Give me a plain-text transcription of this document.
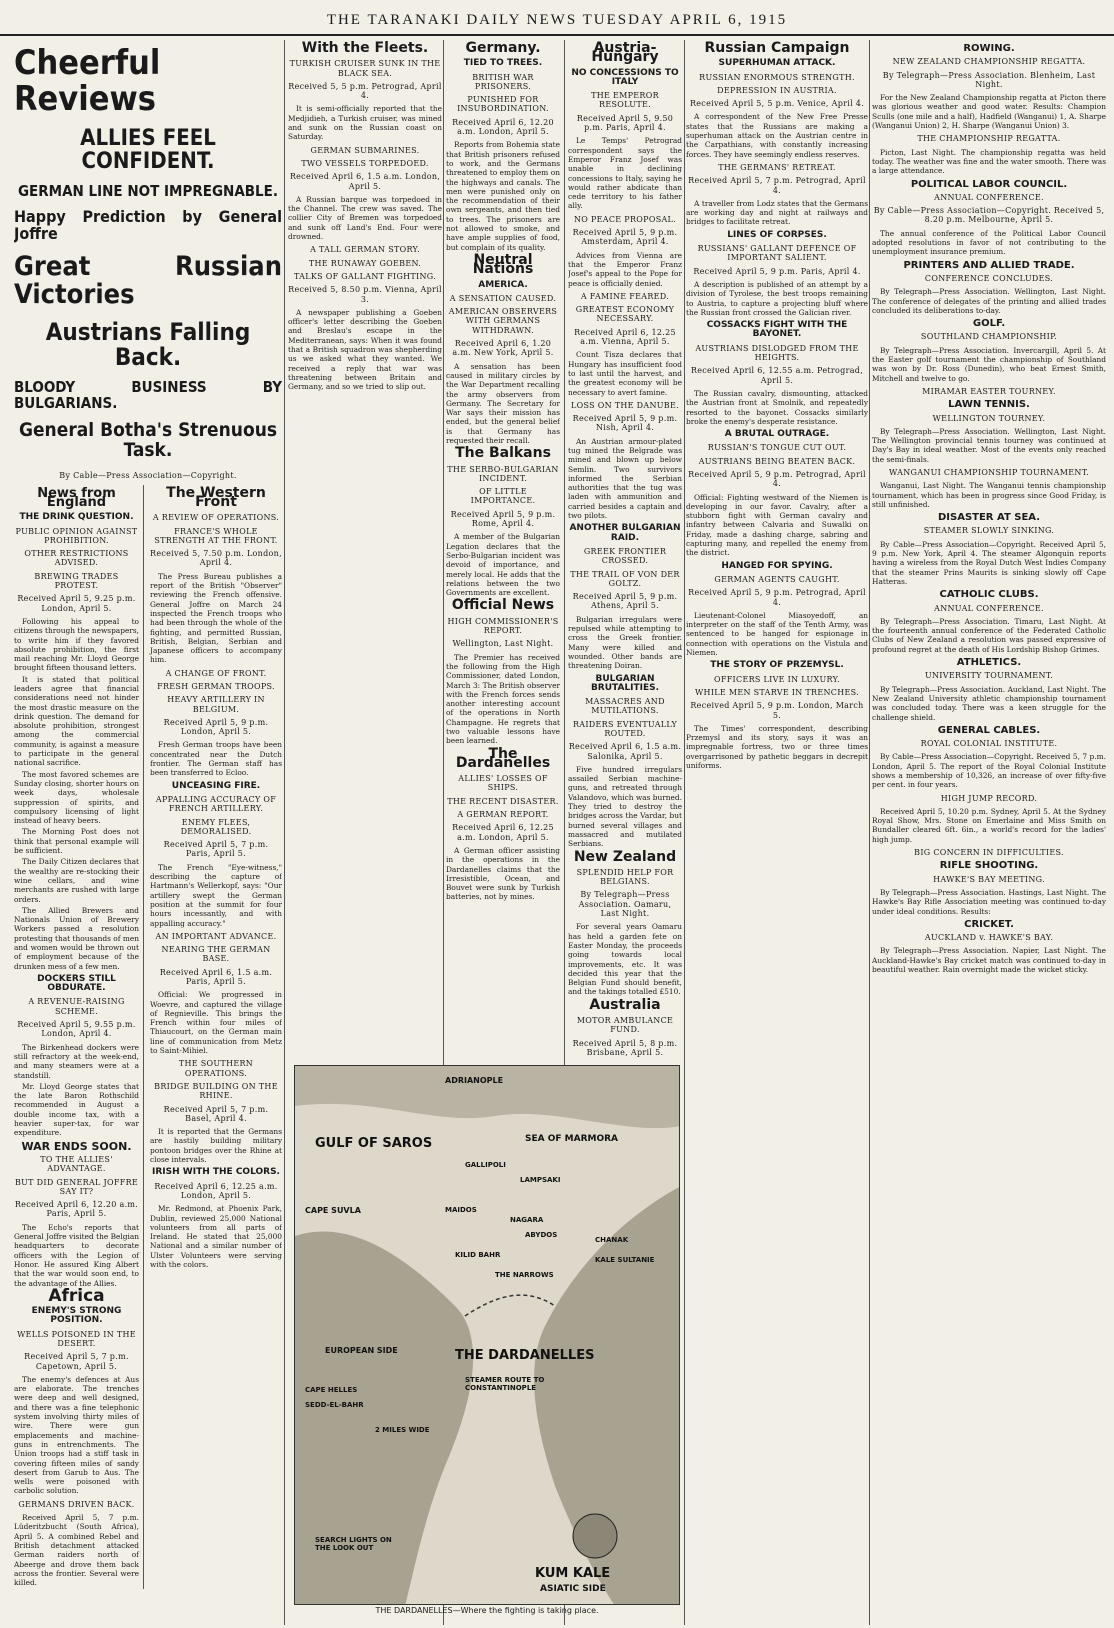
THE TARANAKI DAILY NEWS TUESDAY APRIL 6, 1915
Cheerful Reviews
ALLIES FEEL CONFIDENT.
GERMAN LINE NOT IMPREGNABLE.
Happy Prediction by General Joffre
Great Russian Victories
Austrians Falling Back.
BLOODY BUSINESS BY BULGARIANS.
General Botha's Strenuous Task.
By Cable—Press Association—Copyright.
News from England
THE DRINK QUESTION.
PUBLIC OPINION AGAINST PROHIBITION.
OTHER RESTRICTIONS ADVISED.
BREWING TRADES PROTEST.
Received April 5, 9.25 p.m. London, April 5.

Following his appeal to citizens through the newspapers, to write him if they favored absolute prohibition, the first mail reaching Mr. Lloyd George brought fifteen thousand letters.

It is stated that political leaders agree that financial considerations need not hinder the most drastic measure on the drink question. The demand for absolute prohibition, strongest among the commercial community, is against a measure to participate in the general national sacrifice.

The most favored schemes are Sunday closing, shorter hours on week days, wholesale suppression of spirits, and compulsory licensing of light instead of heavy beers.

The Morning Post does not think that personal example will be sufficient.

The Daily Citizen declares that the wealthy are re-stocking their wine cellars, and wine merchants are rushed with large orders.

The Allied Brewers and Nationals Union of Brewery Workers passed a resolution protesting that thousands of men and women would be thrown out of employment because of the drunken mess of a few men.

DOCKERS STILL OBDURATE.
A REVENUE-RAISING SCHEME.
Received April 5, 9.55 p.m. London, April 4.

The Birkenhead dockers were still refractory at the week-end, and many steamers were at a standstill.

Mr. Lloyd George states that the late Baron Rothschild recommended in August a double income tax, with a heavier super-tax, for war expenditure.

WAR ENDS SOON.
TO THE ALLIES' ADVANTAGE.
BUT DID GENERAL JOFFRE SAY IT?
Received April 6, 12.20 a.m. Paris, April 5.

The Echo's reports that General Joffre visited the Belgian headquarters to decorate officers with the Legion of Honor. He assured King Albert that the war would soon end, to the advantage of the Allies.

Africa
ENEMY'S STRONG POSITION.
WELLS POISONED IN THE DESERT.
Received April 5, 7 p.m. Capetown, April 5.

The enemy's defences at Aus are elaborate. The trenches were deep and well designed, and there was a fine telephonic system involving thirty miles of wire. There were gun emplacements and machine-guns in entrenchments. The Union troops had a stiff task in covering fifteen miles of sandy desert from Garub to Aus. The wells were poisoned with carbolic solution.

GERMANS DRIVEN BACK.

Received April 5, 7 p.m. Lüderitzbucht (South Africa), April 5. A combined Rebel and British detachment attacked German raiders north of Abeerge and drove them back across the frontier. Several were killed.

The Western Front
A REVIEW OF OPERATIONS.
FRANCE'S WHOLE STRENGTH AT THE FRONT.
Received 5, 7.50 p.m. London, April 4.

The Press Bureau publishes a report of the British "Observer" reviewing the French offensive. General Joffre on March 24 inspected the French troops who had been through the whole of the fighting, and permitted Russian, British, Belgian, Serbian and Japanese officers to accompany him.

A CHANGE OF FRONT.
FRESH GERMAN TROOPS.
HEAVY ARTILLERY IN BELGIUM.
Received April 5, 9 p.m. London, April 5.

Fresh German troops have been concentrated near the Dutch frontier. The German staff has been transferred to Ecloo.

UNCEASING FIRE.
APPALLING ACCURACY OF FRENCH ARTILLERY.
ENEMY FLEES, DEMORALISED.
Received April 5, 7 p.m. Paris, April 5.

The French "Eye-witness," describing the capture of Hartmann's Wellerkopf, says: "Our artillery swept the German position at the summit for four hours incessantly, and with appalling accuracy."

AN IMPORTANT ADVANCE.
NEARING THE GERMAN BASE.
Received April 6, 1.5 a.m. Paris, April 5.

Official: We progressed in Woevre, and captured the village of Regnieville. This brings the French within four miles of Thiaucourt, on the German main line of communication from Metz to Saint-Mihiel.

THE SOUTHERN OPERATIONS.
BRIDGE BUILDING ON THE RHINE.
Received April 5, 7 p.m. Basel, April 4.

It is reported that the Germans are hastily building military pontoon bridges over the Rhine at close intervals.

IRISH WITH THE COLORS.
Received April 6, 12.25 a.m. London, April 5.

Mr. Redmond, at Phoenix Park, Dublin, reviewed 25,000 National volunteers from all parts of Ireland. He stated that 25,000 National and a similar number of Ulster Volunteers were serving with the colors.

With the Fleets.
TURKISH CRUISER SUNK IN THE BLACK SEA.
Received 5, 5 p.m. Petrograd, April 4.

It is semi-officially reported that the Medjidieh, a Turkish cruiser, was mined and sunk on the Russian coast on Saturday.

GERMAN SUBMARINES.
TWO VESSELS TORPEDOED.
Received April 6, 1.5 a.m. London, April 5.

A Russian barque was torpedoed in the Channel. The crew was saved. The collier City of Bremen was torpedoed and sunk off Land's End. Four were drowned.

A TALL GERMAN STORY.
THE RUNAWAY GOEBEN.
TALKS OF GALLANT FIGHTING.
Received 5, 8.50 p.m. Vienna, April 3.

A newspaper publishing a Goeben officer's letter describing the Goeben and Breslau's escape in the Mediterranean, says: When it was found that a British squadron was shepherding us we asked what they wanted. We received a reply that war was threatening between Britain and Germany, and so we tried to slip out.

Germany.
TIED TO TREES.
BRITISH WAR PRISONERS.
PUNISHED FOR INSUBORDINATION.
Received April 6, 12.20 a.m. London, April 5.

Reports from Bohemia state that British prisoners refused to work, and the Germans threatened to employ them on the highways and canals. The men were punished only on the recommendation of their own sergeants, and then tied to trees. The prisoners are not allowed to smoke, and have ample supplies of food, but complain of its quality.

Neutral Nations
AMERICA.
A SENSATION CAUSED.
AMERICAN OBSERVERS WITH GERMANS WITHDRAWN.
Received April 6, 1.20 a.m. New York, April 5.

A sensation has been caused in military circles by the War Department recalling the army observers from Germany. The Secretary for War says their mission has ended, but the general belief is that Germany has requested their recall.

The Balkans
THE SERBO-BULGARIAN INCIDENT.
OF LITTLE IMPORTANCE.
Received April 5, 9 p.m. Rome, April 4.

A member of the Bulgarian Legation declares that the Serbo-Bulgarian incident was devoid of importance, and merely local. He adds that the relations between the two Governments are excellent.

Official News
HIGH COMMISSIONER'S REPORT.
Wellington, Last Night.

The Premier has received the following from the High Commissioner, dated London, March 3: The British observer with the French forces sends another interesting account of the operations in North Champagne. He regrets that two valuable lessons have been learned.

The Dardanelles
ALLIES' LOSSES OF SHIPS.
THE RECENT DISASTER.
A GERMAN REPORT.
Received April 6, 12.25 a.m. London, April 5.

A German officer assisting in the operations in the Dardanelles claims that the Irresistible, Ocean, and Bouvet were sunk by Turkish batteries, not by mines.

Austria-Hungary
NO CONCESSIONS TO ITALY
THE EMPEROR RESOLUTE.
Received April 5, 9.50 p.m. Paris, April 4.

Le Temps' Petrograd correspondent says the Emperor Franz Josef was unable in declining concessions to Italy, saying he would rather abdicate than cede territory to his father ally.

NO PEACE PROPOSAL.
Received April 5, 9 p.m. Amsterdam, April 4.

Advices from Vienna are that the Emperor Franz Josef's appeal to the Pope for peace is officially denied.

A FAMINE FEARED.
GREATEST ECONOMY NECESSARY.
Received April 6, 12.25 a.m. Vienna, April 5.

Count Tisza declares that Hungary has insufficient food to last until the harvest, and the greatest economy will be necessary to avert famine.

LOSS ON THE DANUBE.
Received April 5, 9 p.m. Nish, April 4.

An Austrian armour-plated tug mined the Belgrade was mined and blown up below Semlin. Two survivors informed the Serbian authorities that the tug was laden with ammunition and carried besides a captain and two pilots.

ANOTHER BULGARIAN RAID.
GREEK FRONTIER CROSSED.
THE TRAIL OF VON DER GOLTZ.
Received April 5, 9 p.m. Athens, April 5.

Bulgarian irregulars were repulsed while attempting to cross the Greek frontier. Many were killed and wounded. Other bands are threatening Doiran.

BULGARIAN BRUTALITIES.
MASSACRES AND MUTILATIONS.
RAIDERS EVENTUALLY ROUTED.
Received April 6, 1.5 a.m. Salonika, April 5.

Five hundred irregulars assailed Serbian machine-guns, and retreated through Valandovo, which was burned. They tried to destroy the bridges across the Vardar, but burned several villages and massacred and mutilated Serbians.

New Zealand
SPLENDID HELP FOR BELGIANS.
By Telegraph—Press Association. Oamaru, Last Night.

For several years Oamaru has held a garden fete on Easter Monday, the proceeds going towards local improvements, etc. It was decided this year that the Belgian Fund should benefit, and the takings totalled £510.

Australia
MOTOR AMBULANCE FUND.
Received April 5, 8 p.m. Brisbane, April 5.

Russian Campaign
SUPERHUMAN ATTACK.
RUSSIAN ENORMOUS STRENGTH.
DEPRESSION IN AUSTRIA.
Received April 5, 5 p.m. Venice, April 4.

A correspondent of the New Free Presse states that the Russians are making a superhuman attack on the Austrian centre in the Carpathians, with constantly increasing forces. They have seemingly endless reserves.

THE GERMANS' RETREAT.
Received April 5, 7 p.m. Petrograd, April 4.

A traveller from Lodz states that the Germans are working day and night at railways and bridges to facilitate retreat.

LINES OF CORPSES.
RUSSIANS' GALLANT DEFENCE OF IMPORTANT SALIENT.
Received April 5, 9 p.m. Paris, April 4.

A description is published of an attempt by a division of Tyrolese, the best troops remaining to Austria, to capture a projecting bluff where the Russian front crossed the Galician river.

COSSACKS FIGHT WITH THE BAYONET.
AUSTRIANS DISLODGED FROM THE HEIGHTS.
Received April 6, 12.55 a.m. Petrograd, April 5.

The Russian cavalry, dismounting, attacked the Austrian front at Smolnik, and repeatedly resorted to the bayonet. Cossacks similarly broke the enemy's desperate resistance.

A BRUTAL OUTRAGE.
RUSSIAN'S TONGUE CUT OUT.
AUSTRIANS BEING BEATEN BACK.
Received April 5, 9 p.m. Petrograd, April 4.

Official: Fighting westward of the Niemen is developing in our favor. Cavalry, after a stubborn fight with German cavalry and infantry between Calvaria and Suwalki on Friday, made a dashing charge, sabring and capturing many, and repelled the enemy from the district.

HANGED FOR SPYING.
GERMAN AGENTS CAUGHT.
Received April 5, 9 p.m. Petrograd, April 4.

Lieutenant-Colonel Miasoyedoff, an interpreter on the staff of the Tenth Army, was sentenced to be hanged for espionage in connection with operations on the Vistula and Niemen.

THE STORY OF PRZEMYSL.
OFFICERS LIVE IN LUXURY.
WHILE MEN STARVE IN TRENCHES.
Received April 5, 9 p.m. London, March 5.

The Times' correspondent, describing Przemysl and its story, says it was an impregnable fortress, two or three times overgarrisoned by pathetic beggars in decrepit uniforms.

ROWING.
NEW ZEALAND CHAMPIONSHIP REGATTA.
By Telegraph—Press Association. Blenheim, Last Night.

For the New Zealand Championship regatta at Picton there was glorious weather and good water. Results: Champion Sculls (one mile and a half), Hadfield (Wanganui) 1, A. Sharpe (Wanganui Union) 2, H. Sharpe (Wanganui Union) 3.

THE CHAMPIONSHIP REGATTA.

Picton, Last Night. The championship regatta was held today. The weather was fine and the water smooth. There was a large attendance.

POLITICAL LABOR COUNCIL.
ANNUAL CONFERENCE.
By Cable—Press Association—Copyright. Received 5, 8.20 p.m. Melbourne, April 5.

The annual conference of the Political Labor Council adopted resolutions in favor of not contributing to the unemployment insurance premium.

PRINTERS AND ALLIED TRADE.
CONFERENCE CONCLUDES.

By Telegraph—Press Association. Wellington, Last Night. The conference of delegates of the printing and allied trades concluded its deliberations to-day.

GOLF.
SOUTHLAND CHAMPIONSHIP.

By Telegraph—Press Association. Invercargill, April 5. At the Easter golf tournament the championship of Southland was won by Dr. Ross (Dunedin), who beat Ernest Smith, Mitchell and twelve to go.

MIRAMAR EASTER TOURNEY.
LAWN TENNIS.
WELLINGTON TOURNEY.

By Telegraph—Press Association. Wellington, Last Night. The Wellington provincial tennis tourney was continued at Day's Bay in ideal weather. Most of the events only reached the semi-finals.

WANGANUI CHAMPIONSHIP TOURNAMENT.

Wanganui, Last Night. The Wanganui tennis championship tournament, which has been in progress since Good Friday, is still unfinished.

DISASTER AT SEA.
STEAMER SLOWLY SINKING.

By Cable—Press Association—Copyright. Received April 5, 9 p.m. New York, April 4. The steamer Algonquin reports having a wireless from the Royal Dutch West Indies Company that the steamer Prins Maurits is sinking slowly off Cape Hatteras.

CATHOLIC CLUBS.
ANNUAL CONFERENCE.

By Telegraph—Press Association. Timaru, Last Night. At the fourteenth annual conference of the Federated Catholic Clubs of New Zealand a resolution was passed expressive of profound regret at the death of His Lordship Bishop Grimes.

ATHLETICS.
UNIVERSITY TOURNAMENT.

By Telegraph—Press Association. Auckland, Last Night. The New Zealand University athletic championship tournament was concluded today. There was a keen struggle for the challenge shield.

GENERAL CABLES.
ROYAL COLONIAL INSTITUTE.

By Cable—Press Association—Copyright. Received 5, 7 p.m. London, April 5. The report of the Royal Colonial Institute shows a membership of 10,326, an increase of over fifty-five per cent. in four years.

HIGH JUMP RECORD.

Received April 5, 10.20 p.m. Sydney, April 5. At the Sydney Royal Show, Mrs. Stone on Emerlaine and Miss Smith on Bundaller cleared 6ft. 6in., a world's record for the ladies' high jump.

BIG CONCERN IN DIFFICULTIES.
RIFLE SHOOTING.
HAWKE'S BAY MEETING.

By Telegraph—Press Association. Hastings, Last Night. The Hawke's Bay Rifle Association meeting was continued to-day under ideal conditions. Results:

CRICKET.
AUCKLAND v. HAWKE'S BAY.

By Telegraph—Press Association. Napier, Last Night. The Auckland-Hawke's Bay cricket match was continued to-day in beautiful weather. Rain overnight made the wicket sticky.

ADRIANOPLE
GULF OF SAROS	SEA OF MARMORA
GALLIPOLI
LAMPSAKI
CAPE SUVLA	MAIDOS
NAGARA
ABYDOS
CHANAK
KILID BAHR
KALE SULTANIE
THE NARROWS
EUROPEAN SIDE	THE DARDANELLES
STEAMER ROUTE TO CONSTANTINOPLE
CAPE HELLES
SEDD-EL-BAHR
2 MILES WIDE
SEARCH LIGHTS ON THE LOOK OUT
KUM KALE
ASIATIC SIDE
THE DARDANELLES—Where the fighting is taking place.
